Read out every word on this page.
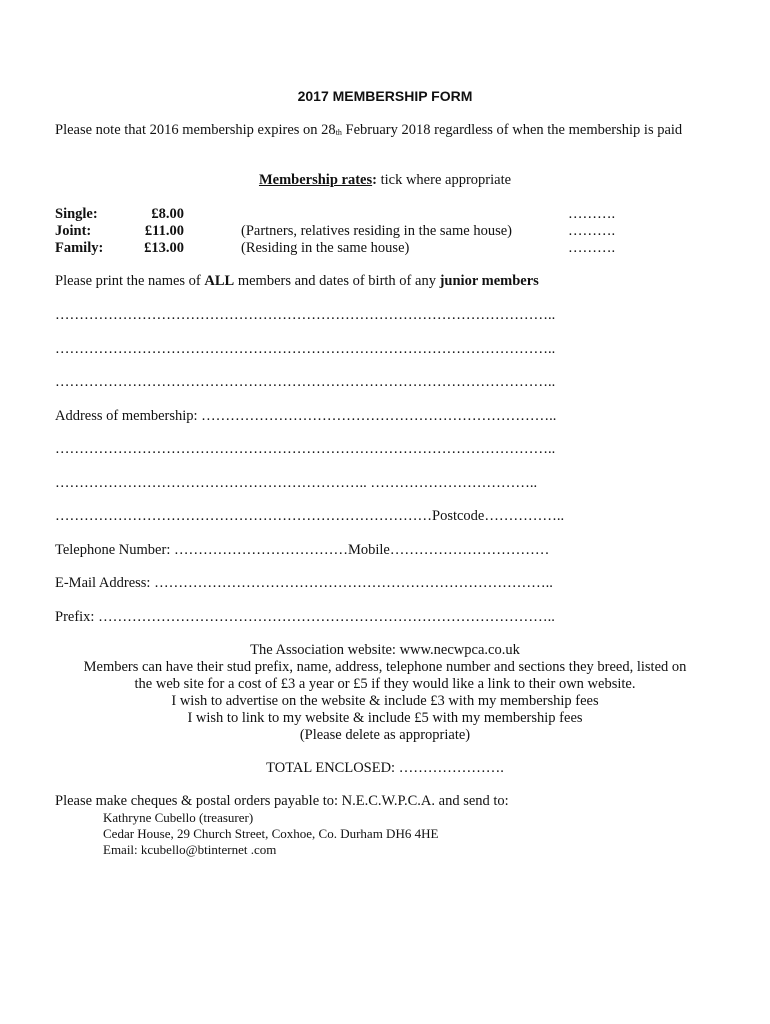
2017 MEMBERSHIP FORM
Please note that 2016 membership expires on 28th February 2018 regardless of when the membership is paid
Membership rates: tick where appropriate
Single:	£8.00	……….
Joint:	£11.00	(Partners, relatives residing in the same house)	……….
Family:	£13.00	(Residing in the same house)	……….
Please print the names of ALL members and dates of birth of any junior members
…………………………………………………………………………………………..
…………………………………………………………………………………………..
…………………………………………………………………………………………..
Address of membership: ………………………………………………………………..
…………………………………………………………………………………………..
……………………………………………………….. ……………………………..
……………………………………………………………………Postcode……………..
Telephone Number: ………………………………Mobile……………………………
E-Mail Address: ………………………………………………………………………..
Prefix: …………………………………………………………………………………..
The Association website: www.necwpca.co.uk
Members can have their stud prefix, name, address, telephone number and sections they breed, listed on
the web site for a cost of £3 a year or £5 if they would like a link to their own website.
I wish to advertise on the website & include £3 with my membership fees
I wish to link to my website & include £5 with my membership fees
(Please delete as appropriate)
TOTAL ENCLOSED: ………………….
Please make cheques & postal orders payable to: N.E.C.W.P.C.A. and send to:
Kathryne Cubello (treasurer)
Cedar House, 29 Church Street, Coxhoe, Co. Durham DH6 4HE
Email: kcubello@btinternet .com
